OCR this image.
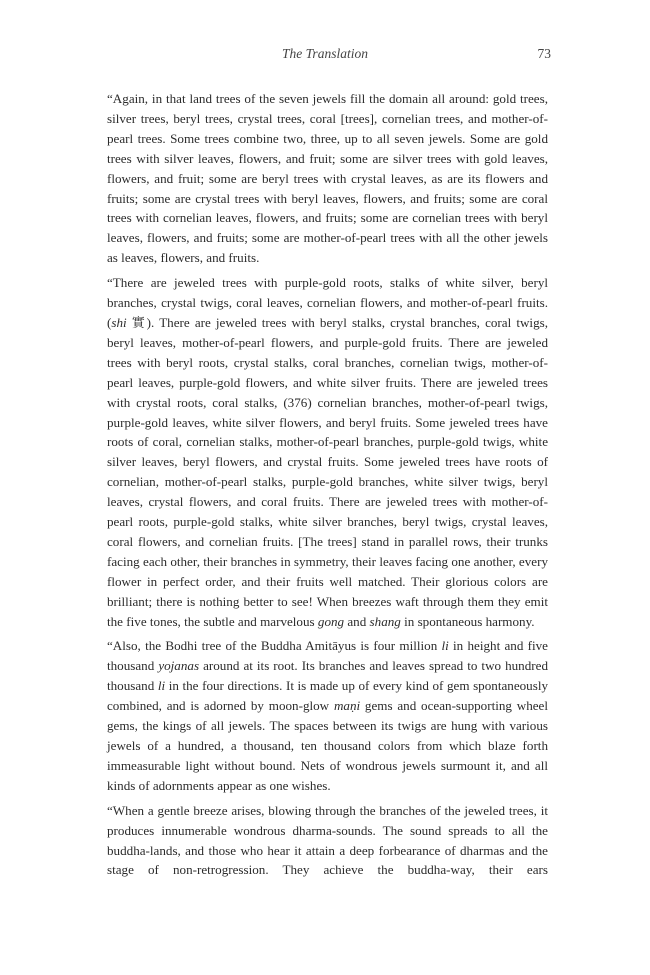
The Translation	73

“Again, in that land trees of the seven jewels fill the domain all around: gold trees, silver trees, beryl trees, crystal trees, coral [trees], cornelian trees, and mother-of-pearl trees. Some trees combine two, three, up to all seven jewels. Some are gold trees with silver leaves, flowers, and fruit; some are silver trees with gold leaves, flowers, and fruit; some are beryl trees with crystal leaves, as are its flowers and fruits; some are crystal trees with beryl leaves, flowers, and fruits; some are coral trees with cornelian leaves, flowers, and fruits; some are cornelian trees with beryl leaves, flowers, and fruits; some are mother-of-pearl trees with all the other jewels as leaves, flowers, and fruits.

“There are jeweled trees with purple-gold roots, stalks of white silver, beryl branches, crystal twigs, coral leaves, cornelian flowers, and mother-of-pearl fruits. (shi 實). There are jeweled trees with beryl stalks, crystal branches, coral twigs, beryl leaves, mother-of-pearl flowers, and purple-gold fruits. There are jeweled trees with beryl roots, crystal stalks, coral branches, cornelian twigs, mother-of-pearl leaves, purple-gold flowers, and white silver fruits. There are jeweled trees with crystal roots, coral stalks, (376) cornelian branches, mother-of-pearl twigs, purple-gold leaves, white silver flowers, and beryl fruits. Some jeweled trees have roots of coral, cornelian stalks, mother-of-pearl branches, purple-gold twigs, white silver leaves, beryl flowers, and crystal fruits. Some jeweled trees have roots of cornelian, mother-of-pearl stalks, purple-gold branches, white silver twigs, beryl leaves, crystal flowers, and coral fruits. There are jeweled trees with mother-of-pearl roots, purple-gold stalks, white silver branches, beryl twigs, crystal leaves, coral flowers, and cornelian fruits. [The trees] stand in parallel rows, their trunks facing each other, their branches in symmetry, their leaves facing one another, every flower in perfect order, and their fruits well matched. Their glorious colors are brilliant; there is nothing better to see! When breezes waft through them they emit the five tones, the subtle and marvelous gong and shang in spontaneous harmony.

“Also, the Bodhi tree of the Buddha Amitāyus is four million li in height and five thousand yojanas around at its root. Its branches and leaves spread to two hundred thousand li in the four directions. It is made up of every kind of gem spontaneously combined, and is adorned by moon-glow maṇi gems and ocean-supporting wheel gems, the kings of all jewels. The spaces between its twigs are hung with various jewels of a hundred, a thousand, ten thousand colors from which blaze forth immeasurable light without bound. Nets of wondrous jewels surmount it, and all kinds of adornments appear as one wishes.

“When a gentle breeze arises, blowing through the branches of the jeweled trees, it produces innumerable wondrous dharma-sounds. The sound spreads to all the buddha-lands, and those who hear it attain a deep forbearance of dharmas and the stage of non-retrogression. They achieve the buddha-way, their ears
